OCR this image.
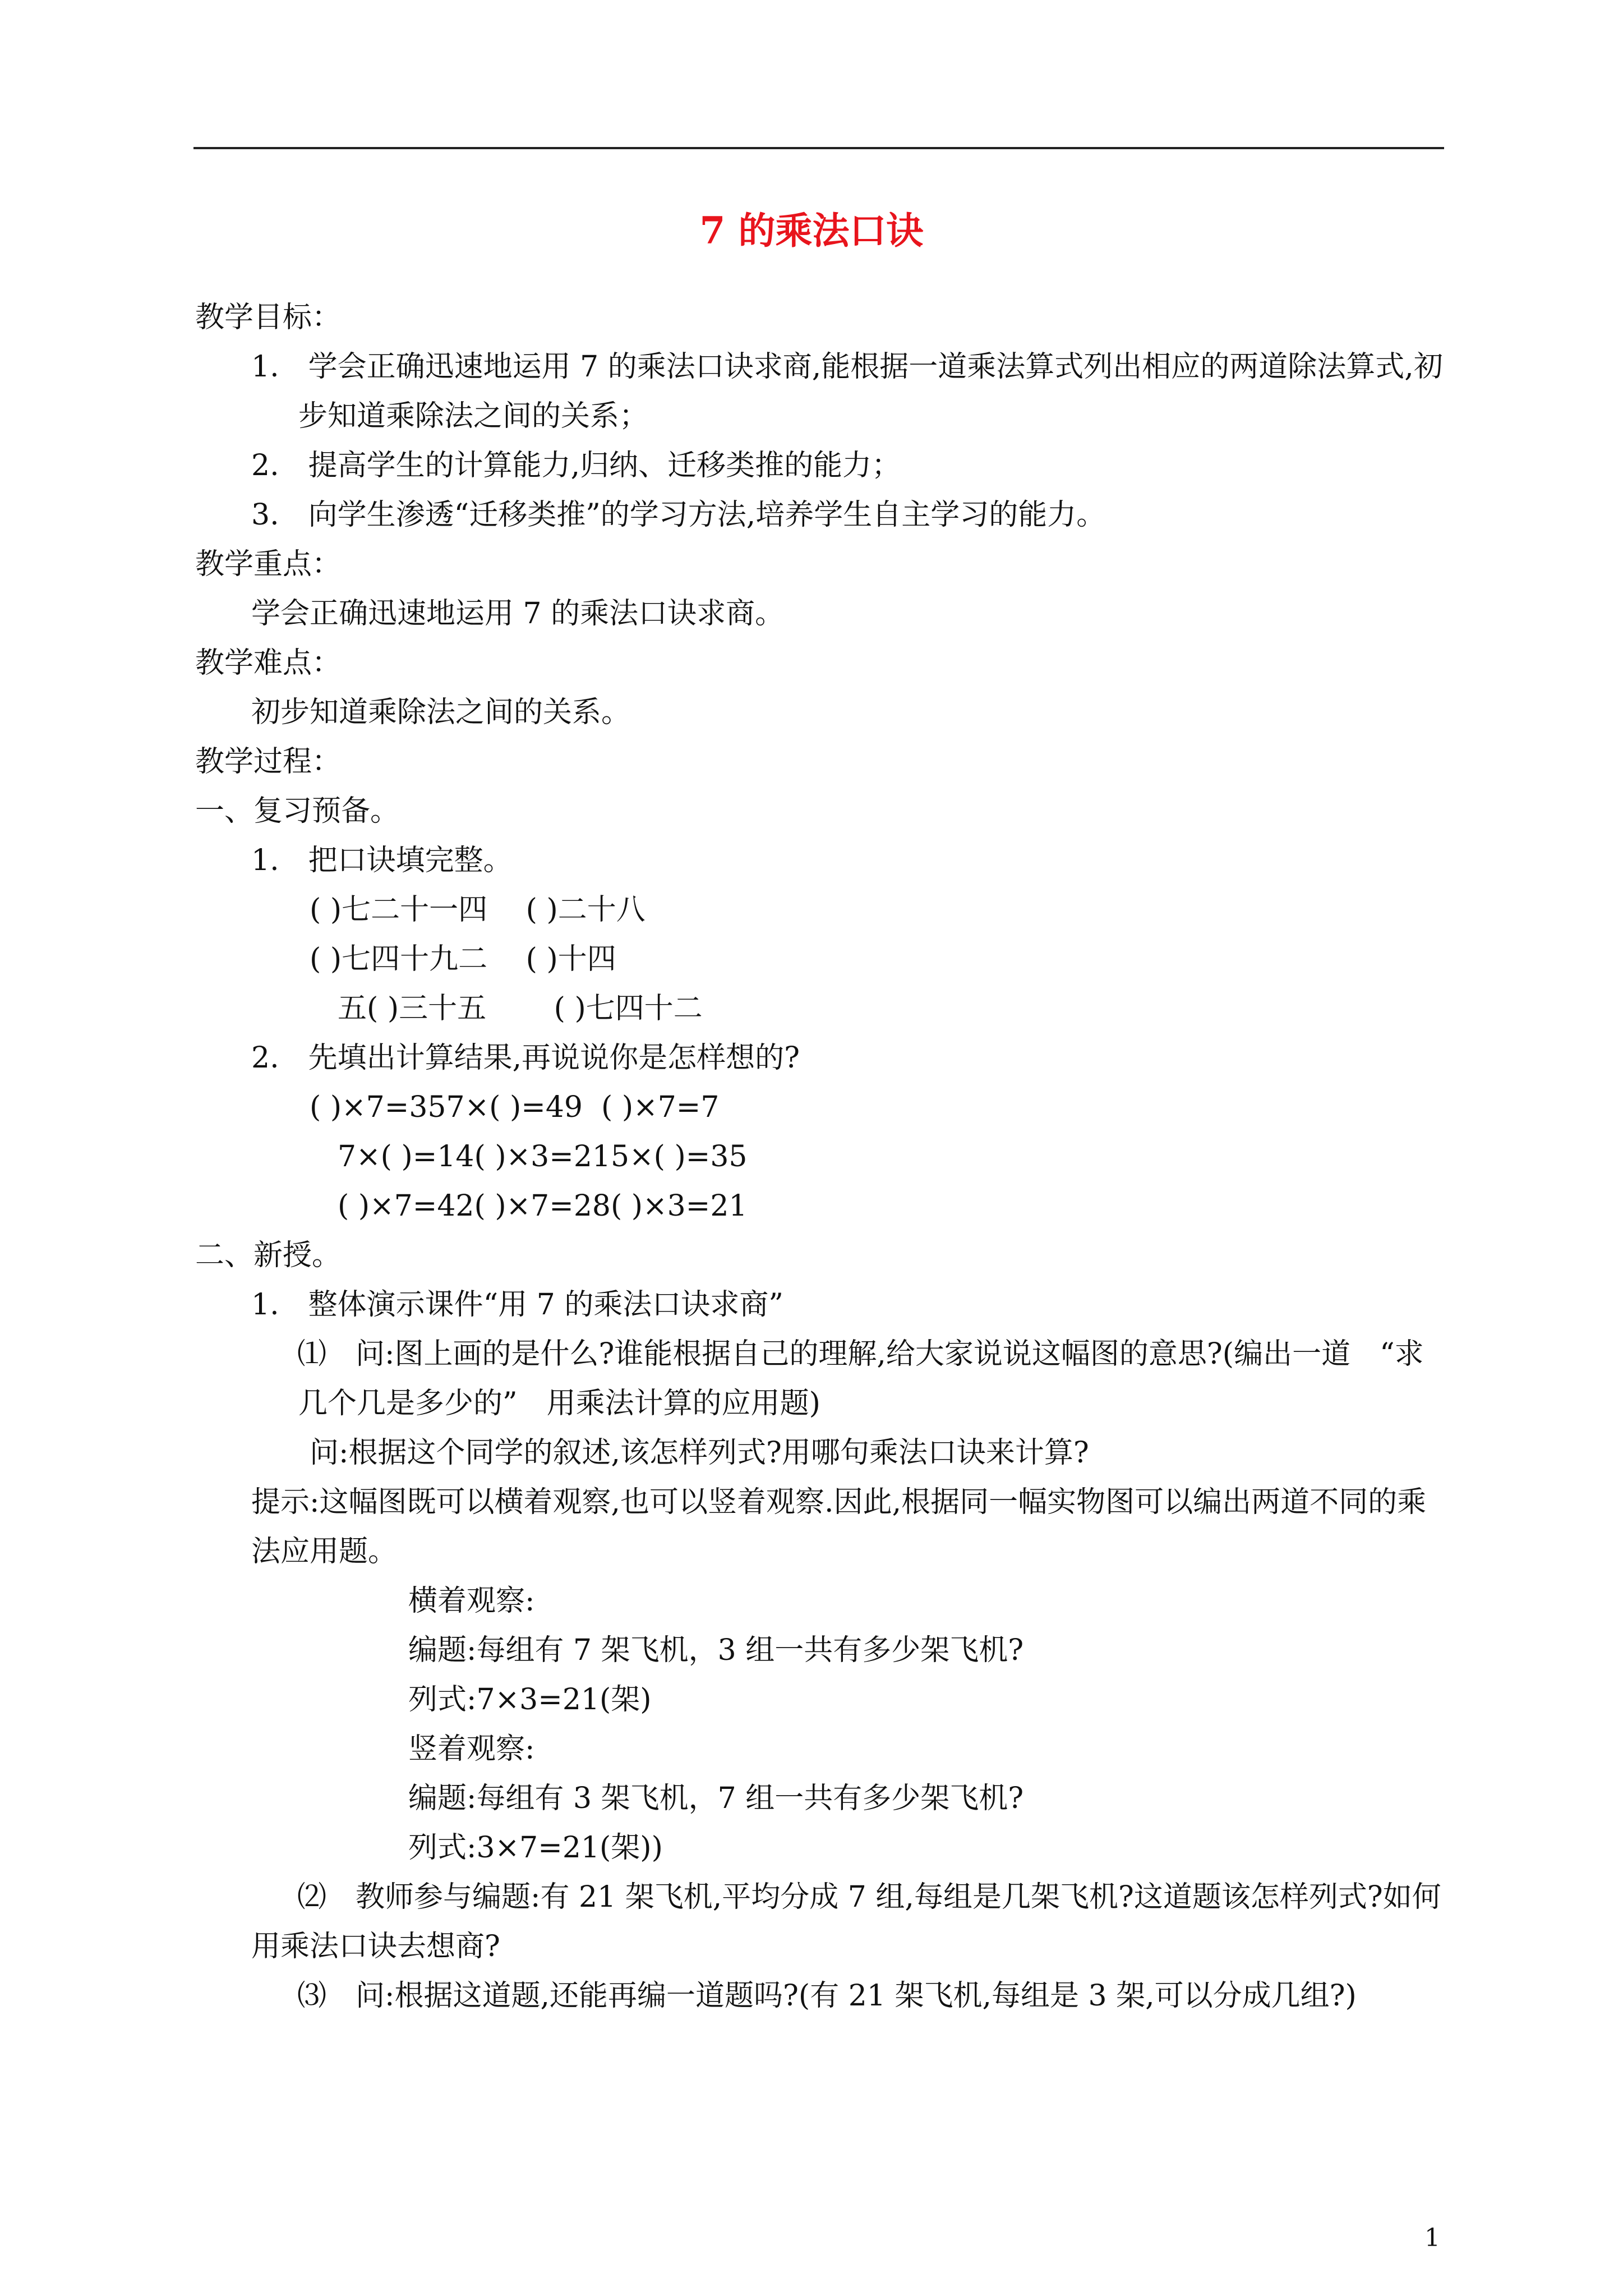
7 的乘法口诀
教学目标：
1.　学会正确迅速地运用 7 的乘法口诀求商,能根据一道乘法算式列出相应的两道除法算式,初
步知道乘除法之间的关系；
2.　提高学生的计算能力,归纳、迁移类推的能力；
3.　向学生渗透“迁移类推”的学习方法,培养学生自主学习的能力。
教学重点：
学会正确迅速地运用 7 的乘法口诀求商。
教学难点：
初步知道乘除法之间的关系。
教学过程：
一、复习预备。
1.　把口诀填完整。
( )七二十一四　 ( )二十八
( )七四十九二　 ( )十四
五( )三十五　　 ( )七四十二
2.　先填出计算结果,再说说你是怎样想的?
( )×7=357×( )=49  ( )×7=7
7×( )=14( )×3=215×( )=35
( )×7=42( )×7=28( )×3=21
二、新授。
1.　整体演示课件“用 7 的乘法口诀求商”
⑴　问:图上画的是什么?谁能根据自己的理解,给大家说说这幅图的意思?(编出一道　“求
几个几是多少的”　用乘法计算的应用题)
问:根据这个同学的叙述,该怎样列式?用哪句乘法口诀来计算?
提示:这幅图既可以横着观察,也可以竖着观察.因此,根据同一幅实物图可以编出两道不同的乘
法应用题。
横着观察:
编题:每组有 7 架飞机，3 组一共有多少架飞机?
列式:7×3=21(架)
竖着观察:
编题:每组有 3 架飞机，7 组一共有多少架飞机?
列式:3×7=21(架))
⑵　教师参与编题:有 21 架飞机,平均分成 7 组,每组是几架飞机?这道题该怎样列式?如何
用乘法口诀去想商?
⑶　问:根据这道题,还能再编一道题吗?(有 21 架飞机,每组是 3 架,可以分成几组?)
1
